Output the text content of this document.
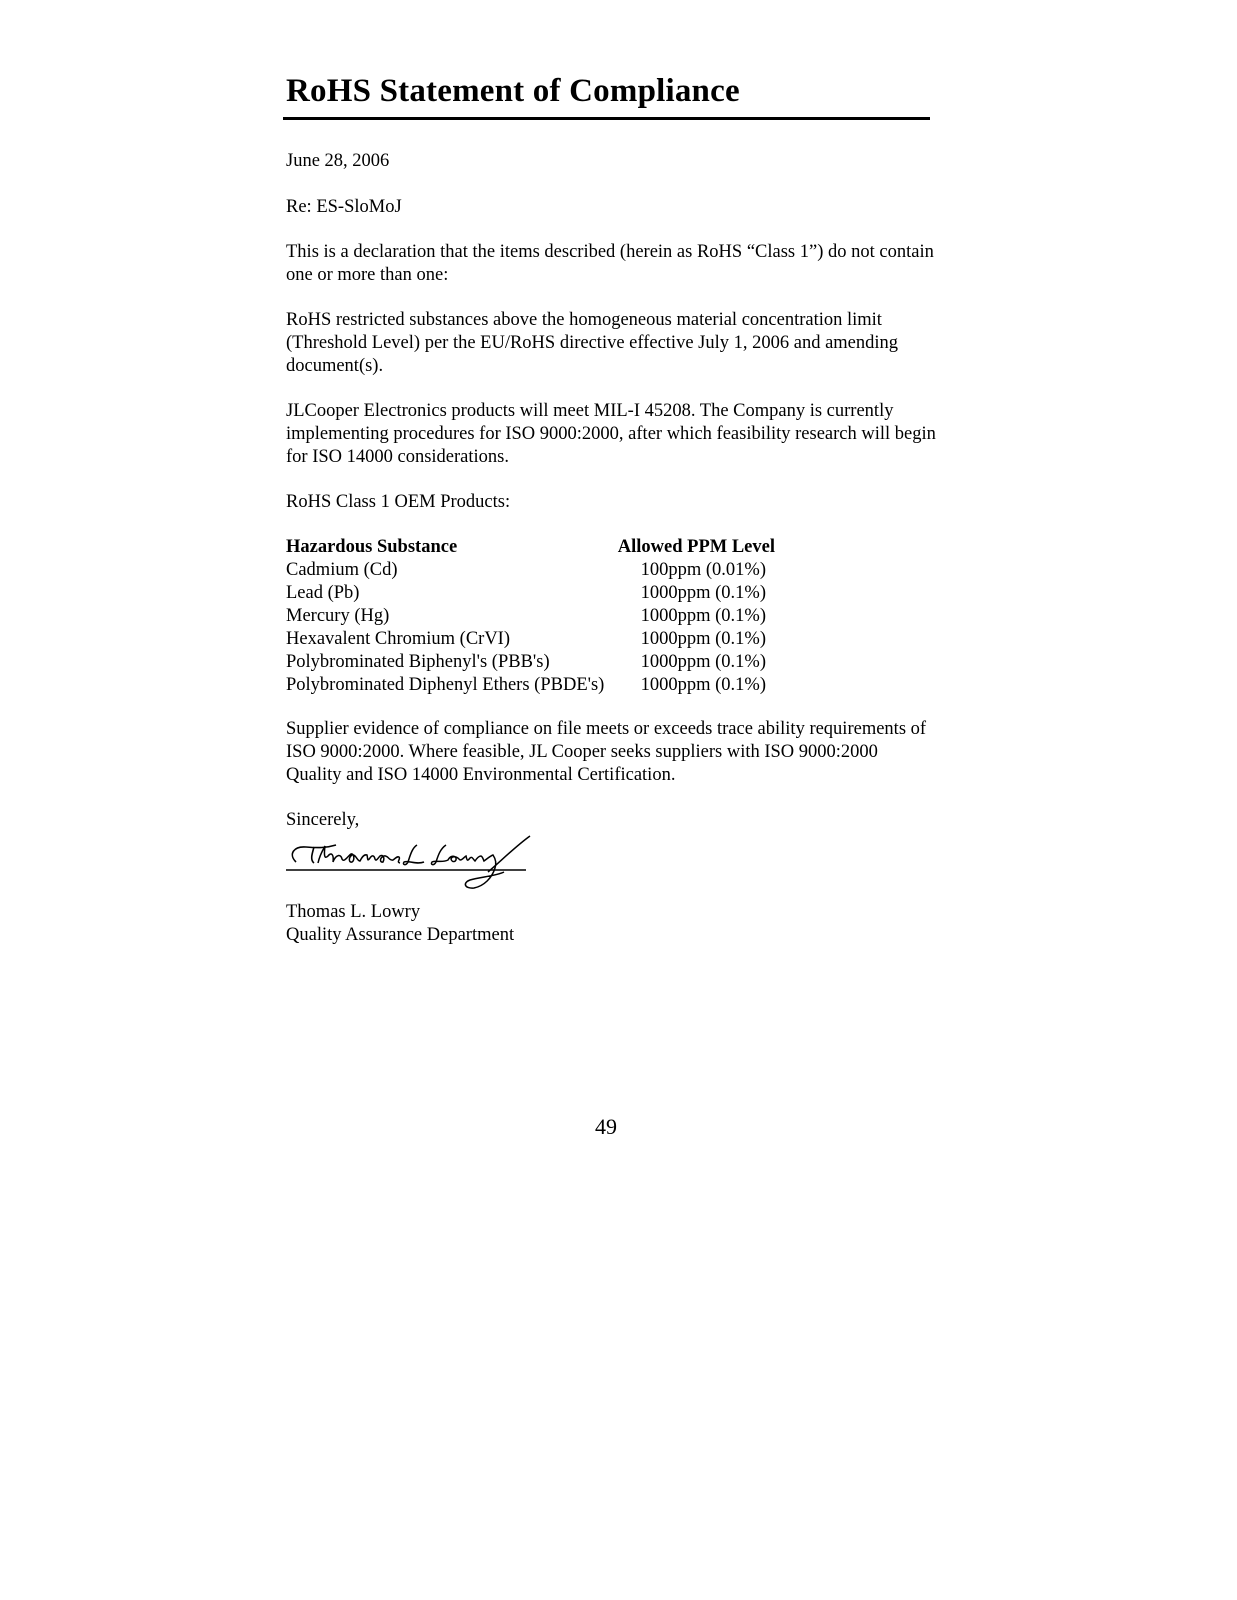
RoHS Statement of Compliance

June 28, 2006

Re: ES-SloMoJ

This is a declaration that the items described (herein as RoHS “Class 1”) do not contain one or more than one:

RoHS restricted substances above the homogeneous material concentration limit (Threshold Level) per the EU/RoHS directive effective July 1, 2006 and amending document(s).

JLCooper Electronics products will meet MIL-I 45208. The Company is currently implementing procedures for ISO 9000:2000, after which feasibility research will begin for ISO 14000 considerations.

RoHS Class 1 OEM Products:

Hazardous Substance	Allowed PPM Level
Cadmium (Cd)	100ppm (0.01%)
Lead (Pb)	1000ppm (0.1%)
Mercury (Hg)	1000ppm (0.1%)
Hexavalent Chromium (CrVI)	1000ppm (0.1%)
Polybrominated Biphenyl's (PBB's)	1000ppm (0.1%)
Polybrominated Diphenyl Ethers (PBDE's)	1000ppm (0.1%)

Supplier evidence of compliance on file meets or exceeds trace ability requirements of ISO 9000:2000. Where feasible, JL Cooper seeks suppliers with ISO 9000:2000 Quality and ISO 14000 Environmental Certification.

Sincerely,

Thomas L. Lowry

Quality Assurance Department

49
